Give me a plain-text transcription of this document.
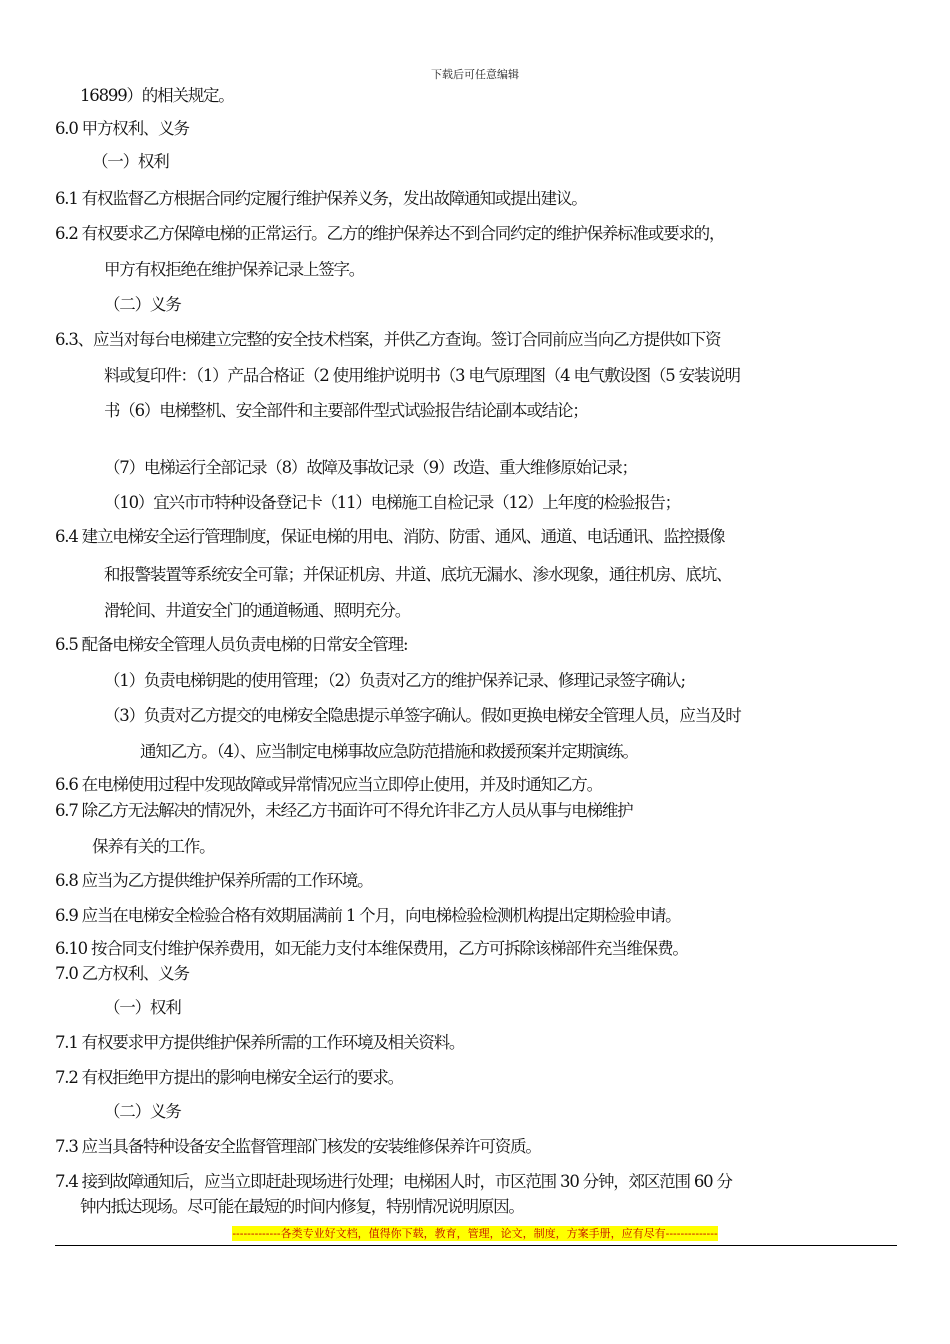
下载后可任意编辑
16899）的相关规定。
6.0 甲方权利、义务
（一）权利
6.1 有权监督乙方根据合同约定履行维护保养义务，发出故障通知或提出建议。
6.2 有权要求乙方保障电梯的正常运行。乙方的维护保养达不到合同约定的维护保养标准或要求的，
甲方有权拒绝在维护保养记录上签字。
（二）义务
6.3、应当对每台电梯建立完整的安全技术档案，并供乙方查询。签订合同前应当向乙方提供如下资
料或复印件：（1）产品合格证（2 使用维护说明书（3 电气原理图（4 电气敷设图（5 安装说明
书（6）电梯整机、安全部件和主要部件型式试验报告结论副本或结论；
（7）电梯运行全部记录（8）故障及事故记录（9）改造、重大维修原始记录；
（10）宜兴市市特种设备登记卡（11）电梯施工自检记录（12）上年度的检验报告；
6.4 建立电梯安全运行管理制度，保证电梯的用电、消防、防雷、通风、通道、电话通讯、监控摄像
和报警装置等系统安全可靠；并保证机房、井道、底坑无漏水、渗水现象，通往机房、底坑、
滑轮间、井道安全门的通道畅通、照明充分。
6.5 配备电梯安全管理人员负责电梯的日常安全管理:
（1）负责电梯钥匙的使用管理；（2）负责对乙方的维护保养记录、修理记录签字确认;
（3）负责对乙方提交的电梯安全隐患提示单签字确认。假如更换电梯安全管理人员，应当及时
通知乙方。（4）、应当制定电梯事故应急防范措施和救援预案并定期演练。
6.6 在电梯使用过程中发现故障或异常情况应当立即停止使用，并及时通知乙方。
6.7 除乙方无法解决的情况外，未经乙方书面许可不得允许非乙方人员从事与电梯维护
保养有关的工作。
6.8 应当为乙方提供维护保养所需的工作环境。
6.9 应当在电梯安全检验合格有效期届满前 1 个月，向电梯检验检测机构提出定期检验申请。
6.10 按合同支付维护保养费用，如无能力支付本维保费用，乙方可拆除该梯部件充当维保费。
7.0 乙方权利、义务
（一）权利
7.1 有权要求甲方提供维护保养所需的工作环境及相关资料。
7.2 有权拒绝甲方提出的影响电梯安全运行的要求。
（二）义务
7.3 应当具备特种设备安全监督管理部门核发的安装维修保养许可资质。
7.4 接到故障通知后，应当立即赶赴现场进行处理；电梯困人时，市区范围 30 分钟，郊区范围 60 分
钟内抵达现场。尽可能在最短的时间内修复，特别情况说明原因。
-------------各类专业好文档，值得你下载，教育，管理，论文，制度，方案手册，应有尽有--------------
